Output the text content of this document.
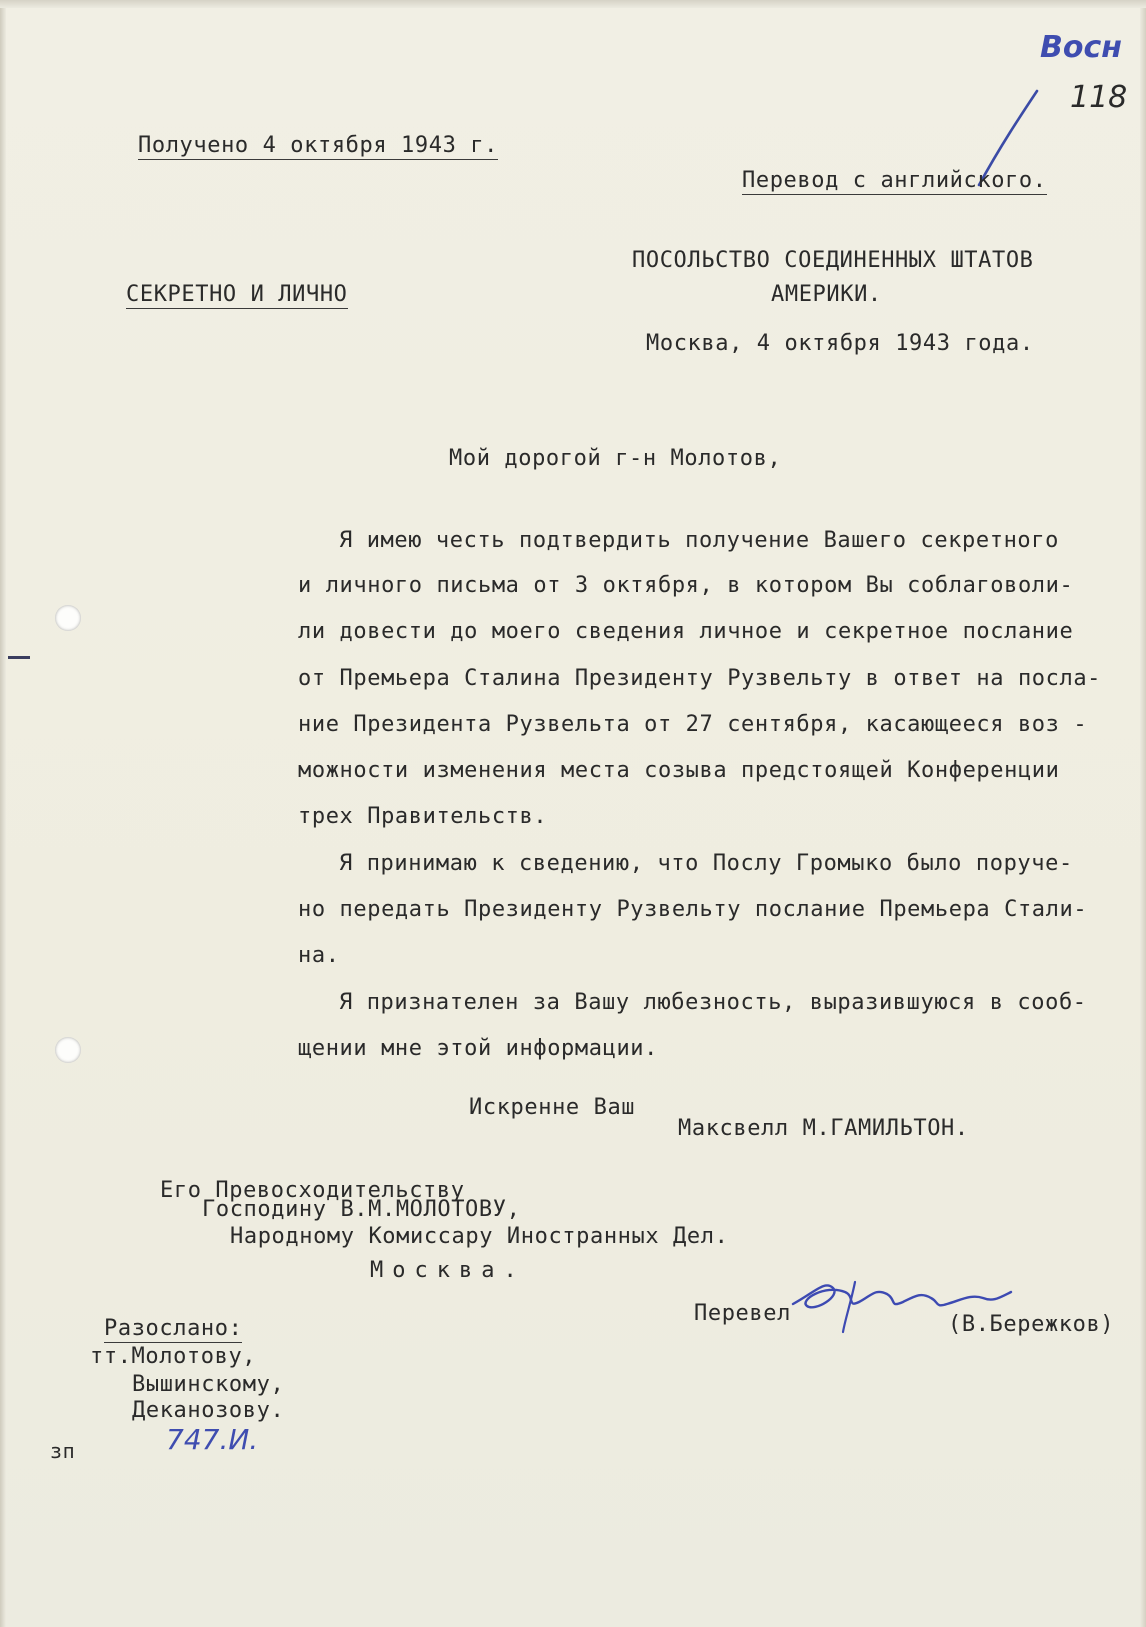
Восн
118
Получено 4 октября 1943 г.
Перевод с английского.
ПОСОЛЬСТВО СОЕДИНЕННЫХ ШТАТОВ
СЕКРЕТНО И ЛИЧНО	АМЕРИКИ.
Москва, 4 октября 1943 года.
Мой дорогой г-н Молотов,
Я имею честь подтвердить получение Вашего секретного
и личного письма от 3 октября, в котором Вы соблаговоли-
ли довести до моего сведения личное и секретное послание
от Премьера Сталина Президенту Рузвельту в ответ на посла-
ние Президента Рузвельта от 27 сентября, касающееся воз -
можности изменения места созыва предстоящей Конференции
трех Правительств.
Я принимаю к сведению, что Послу Громыко было поруче-
но передать Президенту Рузвельту послание Премьера Стали-
на.
Я признателен за Вашу любезность, выразившуюся в сооб-
щении мне этой информации.
Искренне Ваш
Максвелл М.ГАМИЛЬТОН.
Его Превосходительству
Господину В.М.МОЛОТОВУ,
Народному Комиссару Иностранных Дел.
Москва.
Перевел	(В.Бережков)
Разослано:
тт.Молотову,
Вышинскому,
Деканозову.
747.И.
зп
